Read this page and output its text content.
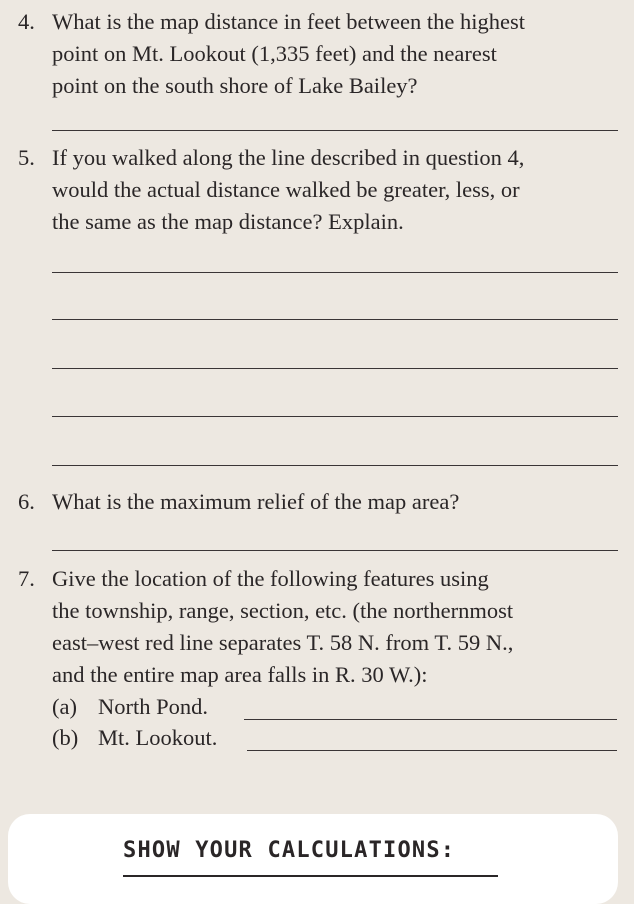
4. What is the map distance in feet between the highest
point on Mt. Lookout (1,335 feet) and the nearest
point on the south shore of Lake Bailey?
5. If you walked along the line described in question 4,
would the actual distance walked be greater, less, or
the same as the map distance? Explain.
6. What is the maximum relief of the map area?
7. Give the location of the following features using
the township, range, section, etc. (the northernmost
east–west red line separates T. 58 N. from T. 59 N.,
and the entire map area falls in R. 30 W.):
(a) North Pond.
(b) Mt. Lookout.
SHOW YOUR CALCULATIONS:
